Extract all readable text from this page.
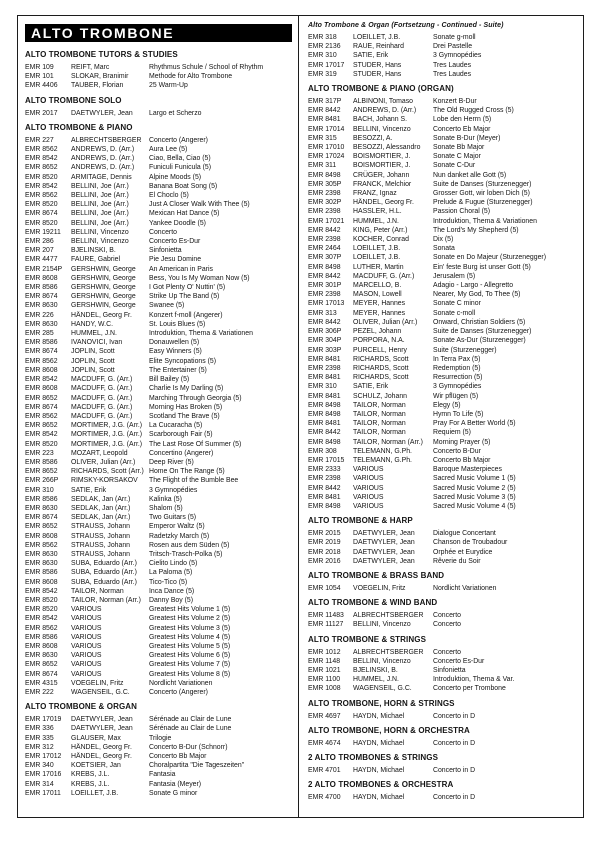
ALTO TROMBONE
ALTO TROMBONE TUTORS & STUDIES
EMR 109	REIFT, Marc	Rhythmus Schule / School of Rhythm
EMR 101	SLOKAR, Branimir	Methode for Alto Trombone
EMR 4406	TAUBER, Florian	25 Warm-Up
ALTO TROMBONE SOLO
EMR 2017	DAETWYLER, Jean	Largo et Scherzo
ALTO TROMBONE & PIANO
EMR 227	ALBRECHTSBERGER	Concerto (Angerer)
EMR 8562	ANDREWS, D. (Arr.)	Aura Lee (5)
EMR 8542	ANDREWS, D. (Arr.)	Ciao, Bella, Ciao (5)
EMR 8652	ANDREWS, D. (Arr.)	Funiculi Funicula (5)
EMR 8520	ARMITAGE, Dennis	Alpine Moods (5)
EMR 8542	BELLINI, Joe (Arr.)	Banana Boat Song (5)
EMR 8562	BELLINI, Joe (Arr.)	El Choclo (5)
EMR 8520	BELLINI, Joe (Arr.)	Just A Closer Walk With Thee (5)
EMR 8674	BELLINI, Joe (Arr.)	Mexican Hat Dance (5)
EMR 8520	BELLINI, Joe (Arr.)	Yankee Doodle (5)
EMR 19211	BELLINI, Vincenzo	Concerto
EMR 286	BELLINI, Vincenzo	Concerto Es-Dur
EMR 207	BJELINSKI, B.	Sinfonietta
EMR 4477	FAURE, Gabriel	Pie Jesu Domine
EMR 2154P	GERSHWIN, George	An American in Paris
EMR 8608	GERSHWIN, George	Bess, You Is My Woman Now (5)
EMR 8586	GERSHWIN, George	I Got Plenty O' Nuttin' (5)
EMR 8674	GERSHWIN, George	Strike Up The Band (5)
EMR 8630	GERSHWIN, George	Swanee (5)
EMR 226	HÄNDEL, Georg Fr.	Konzert f-moll (Angerer)
EMR 8630	HANDY, W.C.	St. Louis Blues (5)
EMR 285	HUMMEL, J.N.	Introduktion, Thema & Variationen
EMR 8586	IVANOVICI, Ivan	Donauwellen (5)
EMR 8674	JOPLIN, Scott	Easy Winners (5)
EMR 8562	JOPLIN, Scott	Elite Syncopations (5)
EMR 8608	JOPLIN, Scott	The Entertainer (5)
EMR 8542	MACDUFF, G. (Arr.)	Bill Bailey (5)
EMR 8608	MACDUFF, G. (Arr.)	Charlie Is My Darling (5)
EMR 8652	MACDUFF, G. (Arr.)	Marching Through Georgia (5)
EMR 8674	MACDUFF, G. (Arr.)	Morning Has Broken (5)
EMR 8562	MACDUFF, G. (Arr.)	Scotland The Brave (5)
EMR 8652	MORTIMER, J.G. (Arr.)	La Cucaracha (5)
EMR 8542	MORTIMER, J.G. (Arr.)	Scarborough Fair (5)
EMR 8520	MORTIMER, J.G. (Arr.)	The Last Rose Of Summer (5)
EMR 223	MOZART, Leopold	Concertino (Angerer)
EMR 8586	OLIVER, Julian (Arr.)	Deep River (5)
EMR 8652	RICHARDS, Scott (Arr.) Home On The Range (5)
EMR 266P	RIMSKY-KORSAKOV	The Flight of the Bumble Bee
EMR 310	SATIE, Erik	3 Gymnopédies
EMR 8586	SEDLAK, Jan (Arr.)	Kalinka (5)
EMR 8630	SEDLAK, Jan (Arr.)	Shalom (5)
EMR 8674	SEDLAK, Jan (Arr.)	Two Guitars (5)
EMR 8652	STRAUSS, Johann	Emperor Waltz (5)
EMR 8608	STRAUSS, Johann	Radetzky March (5)
EMR 8562	STRAUSS, Johann	Rosen aus dem Süden (5)
EMR 8630	STRAUSS, Johann	Tritsch-Trasch-Polka (5)
EMR 8630	SUBA, Eduardo (Arr.)	Cielito Lindo (5)
EMR 8586	SUBA, Eduardo (Arr.)	La Paloma (5)
EMR 8608	SUBA, Eduardo (Arr.)	Tico-Tico (5)
EMR 8542	TAILOR, Norman	Inca Dance (5)
EMR 8520	TAILOR, Norman (Arr.)	Danny Boy (5)
EMR 8520	VARIOUS	Greatest Hits Volume 1 (5)
EMR 8542	VARIOUS	Greatest Hits Volume 2 (5)
EMR 8562	VARIOUS	Greatest Hits Volume 3 (5)
EMR 8586	VARIOUS	Greatest Hits Volume 4 (5)
EMR 8608	VARIOUS	Greatest Hits Volume 5 (5)
EMR 8630	VARIOUS	Greatest Hits Volume 6 (5)
EMR 8652	VARIOUS	Greatest Hits Volume 7 (5)
EMR 8674	VARIOUS	Greatest Hits Volume 8 (5)
EMR 4315	VOEGELIN, Fritz	Nordlicht Variationen
EMR 222	WAGENSEIL, G.C.	Concerto (Angerer)
ALTO TROMBONE & ORGAN
EMR 17019	DAETWYLER, Jean	Sérénade au Clair de Lune
EMR 336	DAETWYLER, Jean	Sérénade au Clair de Lune
EMR 335	GLAUSER, Max	Trilogie
EMR 312	HÄNDEL, Georg Fr.	Concerto B-Dur (Schnorr)
EMR 17012	HÄNDEL, Georg Fr.	Concerto Bb Major
EMR 340	KOETSIER, Jan	Choralpartita "Die Tageszeiten"
EMR 17016	KREBS, J.L.	Fantasia
EMR 314	KREBS, J.L.	Fantasia (Meyer)
EMR 17011	LOEILLET, J.B.	Sonate G minor
Alto Trombone & Organ (Fortsetzung - Continued - Suite)
EMR 318	LOEILLET, J.B.	Sonate g-moll
EMR 2136	RAUE, Reinhard	Drei Pastelle
EMR 310	SATIE, Erik	3 Gymnopédies
EMR 17017	STUDER, Hans	Tres Laudes
EMR 319	STUDER, Hans	Tres Laudes
ALTO TROMBONE & PIANO (ORGAN)
EMR 317P	ALBINONI, Tomaso	Konzert B-Dur
EMR 8442	ANDREWS, D. (Arr.)	The Old Rugged Cross (5)
EMR 8481	BACH, Johann S.	Lobe den Herrn (5)
EMR 17014	BELLINI, Vincenzo	Concerto Eb Major
EMR 315	BESOZZI, A.	Sonate B-Dur (Meyer)
EMR 17010	BESOZZI, Alessandro	Sonate Bb Major
EMR 17024	BOISMORTIER, J.	Sonate C Major
EMR 311	BOISMORTIER, J.	Sonate C-Dur
EMR 8498	CRÜGER, Johann	Nun danket alle Gott (5)
EMR 305P	FRANCK, Melchior	Suite de Danses (Sturzenegger)
EMR 2398	FRANZ, Ignaz	Grosser Gott, wir loben Dich (5)
EMR 302P	HÄNDEL, Georg Fr.	Prelude & Fugue (Sturzenegger)
EMR 2398	HASSLER, H.L.	Passion Choral (5)
EMR 17021	HUMMEL, J.N.	Introduktion, Thema & Variationen
EMR 8442	KING, Peter (Arr.)	The Lord's My Shepherd (5)
EMR 2398	KOCHER, Conrad	Dix (5)
EMR 2464	LOEILLET, J.B.	Sonata
EMR 307P	LOEILLET, J.B.	Sonate en Do Majeur (Sturzenegger)
EMR 8498	LUTHER, Martin	Ein' feste Burg ist unser Gott (5)
EMR 8442	MACDUFF, G. (Arr.)	Jerusalem (5)
EMR 301P	MARCELLO, B.	Adagio - Largo - Allegretto
EMR 2398	MASON, Lowell	Nearer, My God, To Thee (5)
EMR 17013	MEYER, Hannes	Sonate C minor
EMR 313	MEYER, Hannes	Sonate c-moll
EMR 8442	OLIVER, Julian (Arr.)	Onward, Christian Soldiers (5)
EMR 306P	PEZEL, Johann	Suite de Danses (Sturzenegger)
EMR 304P	PORPORA, N.A.	Sonate As-Dur (Sturzenegger)
EMR 303P	PURCELL, Henry	Suite (Sturzenegger)
EMR 8481	RICHARDS, Scott	In Terra Pax (5)
EMR 2398	RICHARDS, Scott	Redemption (5)
EMR 8481	RICHARDS, Scott	Resurrection (5)
EMR 310	SATIE, Erik	3 Gymnopédies
EMR 8481	SCHULZ, Johann	Wir pflügen (5)
EMR 8498	TAILOR, Norman	Elegy (5)
EMR 8498	TAILOR, Norman	Hymn To Life (5)
EMR 8481	TAILOR, Norman	Pray For A Better World (5)
EMR 8442	TAILOR, Norman	Requiem (5)
EMR 8498	TAILOR, Norman (Arr.)	Morning Prayer (5)
EMR 308	TELEMANN, G.Ph.	Concerto B-Dur
EMR 17015	TELEMANN, G.Ph.	Concerto Bb Major
EMR 2333	VARIOUS	Baroque Masterpieces
EMR 2398	VARIOUS	Sacred Music Volume 1 (5)
EMR 8442	VARIOUS	Sacred Music Volume 2 (5)
EMR 8481	VARIOUS	Sacred Music Volume 3 (5)
EMR 8498	VARIOUS	Sacred Music Volume 4 (5)
ALTO TROMBONE & HARP
EMR 2015	DAETWYLER, Jean	Dialogue Concertant
EMR 2019	DAETWYLER, Jean	Chanson de Troubadour
EMR 2018	DAETWYLER, Jean	Orphée et Eurydice
EMR 2016	DAETWYLER, Jean	Rêverie du Soir
ALTO TROMBONE & BRASS BAND
EMR 1054	VOEGELIN, Fritz	Nordlicht Variationen
ALTO TROMBONE & WIND BAND
EMR 11483	ALBRECHTSBERGER	Concerto
EMR 11127	BELLINI, Vincenzo	Concerto
ALTO TROMBONE & STRINGS
EMR 1012	ALBRECHTSBERGER	Concerto
EMR 1148	BELLINI, Vincenzo	Concerto Es-Dur
EMR 1021	BJELINSKI, B.	Sinfonietta
EMR 1100	HUMMEL, J.N.	Introduktion, Thema & Var.
EMR 1008	WAGENSEIL, G.C.	Concerto per Trombone
ALTO TROMBONE, HORN & STRINGS
EMR 4697	HAYDN, Michael	Concerto in D
ALTO TROMBONE, HORN & ORCHESTRA
EMR 4674	HAYDN, Michael	Concerto in D
2 ALTO TROMBONES & STRINGS
EMR 4701	HAYDN, Michael	Concerto in D
2 ALTO TROMBONES & ORCHESTRA
EMR 4700	HAYDN, Michael	Concerto in D
